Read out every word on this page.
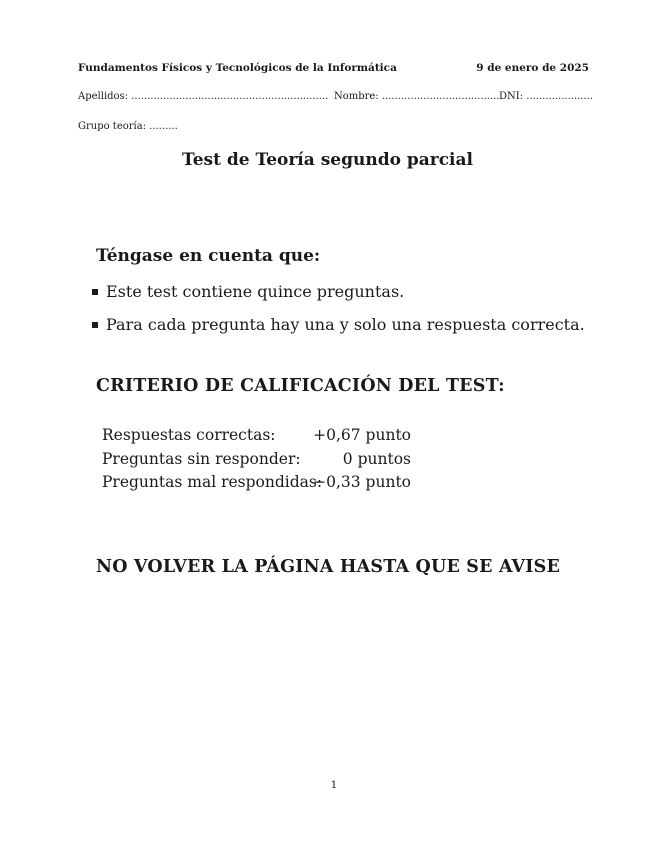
Fundamentos Físicos y Tecnológicos de la Informática	9 de enero de 2025
Apellidos: .............................................................. Nombre: ......................................
DNI: .....................
Grupo teoría: .........
Test de Teoría segundo parcial
Téngase en cuenta que:
Este test contiene quince preguntas.
Para cada pregunta hay una y solo una respuesta correcta.
CRITERIO DE CALIFICACIÓN DEL TEST:
Respuestas correctas: +0,67 punto
Preguntas sin responder:	0 puntos
Preguntas mal respondidas:
−0,33 punto
NO VOLVER LA PÁGINA HASTA QUE SE AVISE
1
